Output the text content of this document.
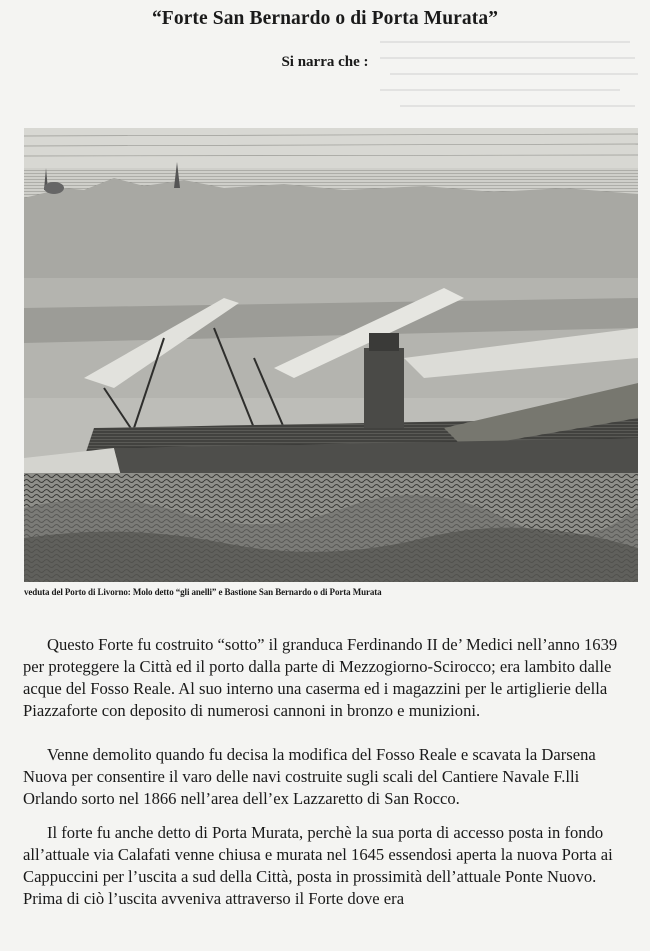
“Forte San Bernardo o di Porta Murata”
Si narra che :
veduta del Porto di Livorno: Molo detto “gli anelli” e Bastione San Bernardo o di Porta Murata

Questo Forte fu costruito “sotto” il granduca Ferdinando II de’ Medici nell’anno 1639 per proteggere la Città ed il porto dalla parte di Mezzogiorno-Scirocco; era lambito dalle acque del Fosso Reale. Al suo interno una caserma ed i magazzini per le artiglierie della Piazzaforte con deposito di numerosi cannoni in bronzo e munizioni.

Venne demolito quando fu decisa la modifica del Fosso Reale e scavata la Darsena Nuova per consentire il varo delle navi costruite sugli scali del Cantiere Navale F.lli Orlando sorto nel 1866 nell’area dell’ex Lazzaretto di San Rocco.

Il forte fu anche detto di Porta Murata, perchè la sua porta di accesso posta in fondo all’attuale via Calafati venne chiusa e murata nel 1645 essendosi aperta la nuova Porta ai Cappuccini per l’uscita a sud della Città, posta in prossimità dell’attuale Ponte Nuovo. Prima di ciò l’uscita avveniva attraverso il Forte dove era
